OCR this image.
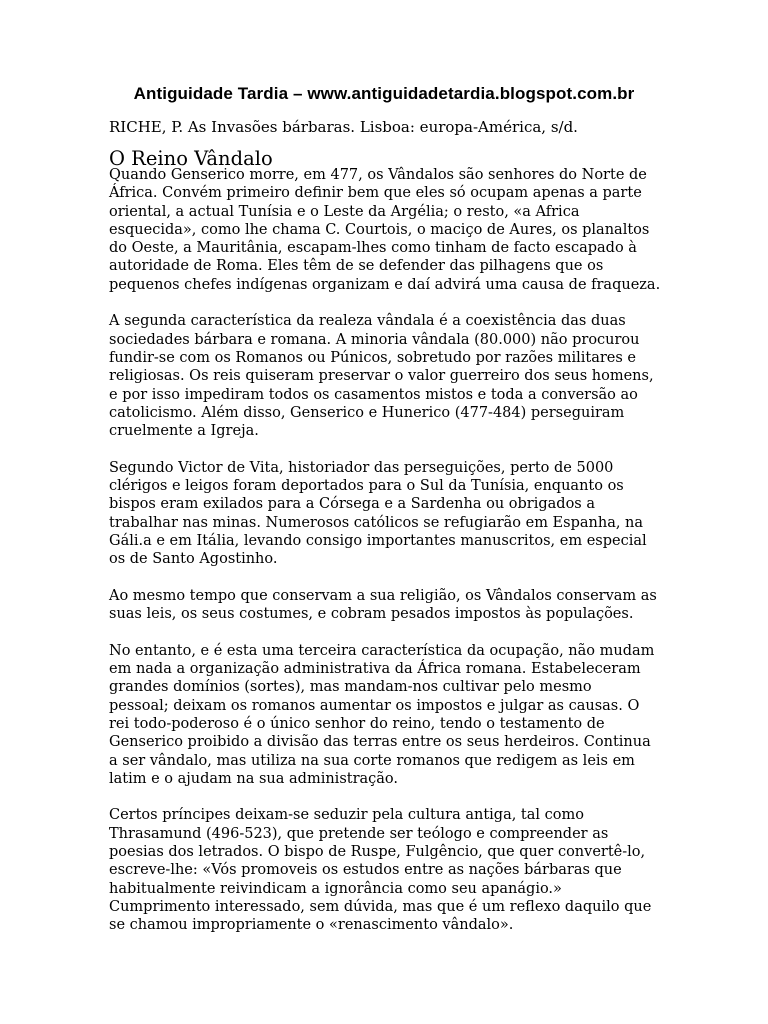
Antiguidade Tardia – www.antiguidadetardia.blogspot.com.br
RICHE, P. As Invasões bárbaras. Lisboa: europa-América, s/d.
O Reino Vândalo

Quando Genserico morre, em 477, os Vândalos são senhores do Norte de
África. Convém primeiro definir bem que eles só ocupam apenas a parte
oriental, a actual Tunísia e o Leste da Argélia; o resto, «a Africa
esquecida», como lhe chama C. Courtois, o maciço de Aures, os planaltos
do Oeste, a Mauritânia, escapam-lhes como tinham de facto escapado à
autoridade de Roma. Eles têm de se defender das pilhagens que os
pequenos chefes indígenas organizam e daí advirá uma causa de fraqueza.

A segunda característica da realeza vândala é a coexistência das duas
sociedades bárbara e romana. A minoria vândala (80.000) não procurou
fundir-se com os Romanos ou Púnicos, sobretudo por razões militares e
religiosas. Os reis quiseram preservar o valor guerreiro dos seus homens,
e por isso impediram todos os casamentos mistos e toda a conversão ao
catolicismo. Além disso, Genserico e Hunerico (477-484) perseguiram
cruelmente a Igreja.

Segundo Victor de Vita, historiador das perseguições, perto de 5000
clérigos e leigos foram deportados para o Sul da Tunísia, enquanto os
bispos eram exilados para a Córsega e a Sardenha ou obrigados a
trabalhar nas minas. Numerosos católicos se refugiarão em Espanha, na
Gáli.a e em Itália, levando consigo importantes manuscritos, em especial
os de Santo Agostinho.

Ao mesmo tempo que conservam a sua religião, os Vândalos conservam as
suas leis, os seus costumes, e cobram pesados impostos às populações.

No entanto, e é esta uma terceira característica da ocupação, não mudam
em nada a organização administrativa da África romana. Estabeleceram
grandes domínios (sortes), mas mandam-nos cultivar pelo mesmo
pessoal; deixam os romanos aumentar os impostos e julgar as causas. O
rei todo-poderoso é o único senhor do reino, tendo o testamento de
Genserico proibido a divisão das terras entre os seus herdeiros. Continua
a ser vândalo, mas utiliza na sua corte romanos que redigem as leis em
latim e o ajudam na sua administração.

Certos príncipes deixam-se seduzir pela cultura antiga, tal como
Thrasamund (496-523), que pretende ser teólogo e compreender as
poesias dos letrados. O bispo de Ruspe, Fulgêncio, que quer convertê-lo,
escreve-lhe: «Vós promoveis os estudos entre as nações bárbaras que
habitualmente reivindicam a ignorância como seu apanágio.»
Cumprimento interessado, sem dúvida, mas que é um reflexo daquilo que
se chamou impropriamente o «renascimento vândalo».
